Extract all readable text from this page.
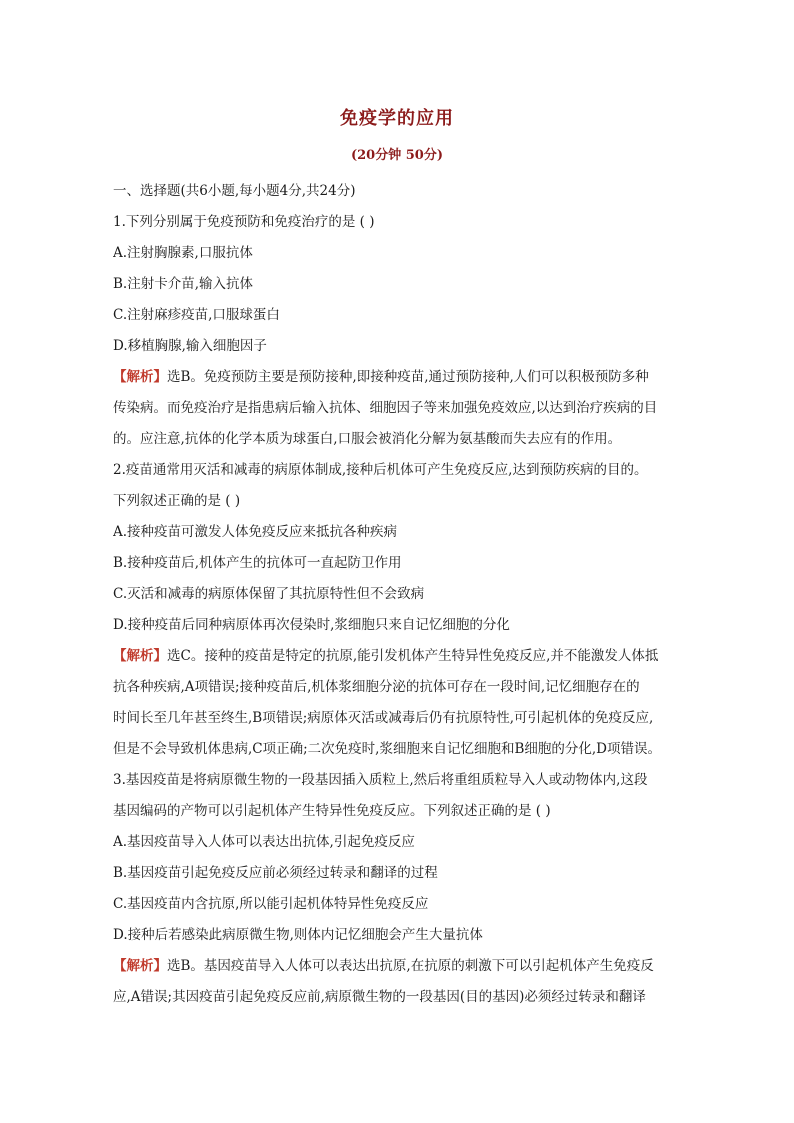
免疫学的应用
(20分钟 50分)
一、选择题(共6小题,每小题4分,共24分)
1.下列分别属于免疫预防和免疫治疗的是 ( )
A.注射胸腺素,口服抗体
B.注射卡介苗,输入抗体
C.注射麻疹疫苗,口服球蛋白
D.移植胸腺,输入细胞因子
【解析】选B。免疫预防主要是预防接种,即接种疫苗,通过预防接种,人们可以积极预防多种
传染病。而免疫治疗是指患病后输入抗体、细胞因子等来加强免疫效应,以达到治疗疾病的目
的。应注意,抗体的化学本质为球蛋白,口服会被消化分解为氨基酸而失去应有的作用。
2.疫苗通常用灭活和减毒的病原体制成,接种后机体可产生免疫反应,达到预防疾病的目的。
下列叙述正确的是 ( )
A.接种疫苗可激发人体免疫反应来抵抗各种疾病
B.接种疫苗后,机体产生的抗体可一直起防卫作用
C.灭活和减毒的病原体保留了其抗原特性但不会致病
D.接种疫苗后同种病原体再次侵染时,浆细胞只来自记忆细胞的分化
【解析】选C。接种的疫苗是特定的抗原,能引发机体产生特异性免疫反应,并不能激发人体抵
抗各种疾病,A项错误;接种疫苗后,机体浆细胞分泌的抗体可存在一段时间,记忆细胞存在的
时间长至几年甚至终生,B项错误;病原体灭活或减毒后仍有抗原特性,可引起机体的免疫反应,
但是不会导致机体患病,C项正确;二次免疫时,浆细胞来自记忆细胞和B细胞的分化,D项错误。
3.基因疫苗是将病原微生物的一段基因插入质粒上,然后将重组质粒导入人或动物体内,这段
基因编码的产物可以引起机体产生特异性免疫反应。下列叙述正确的是 ( )
A.基因疫苗导入人体可以表达出抗体,引起免疫反应
B.基因疫苗引起免疫反应前必须经过转录和翻译的过程
C.基因疫苗内含抗原,所以能引起机体特异性免疫反应
D.接种后若感染此病原微生物,则体内记忆细胞会产生大量抗体
【解析】选B。基因疫苗导入人体可以表达出抗原,在抗原的刺激下可以引起机体产生免疫反
应,A错误;其因疫苗引起免疫反应前,病原微生物的一段基因(目的基因)必须经过转录和翻译
